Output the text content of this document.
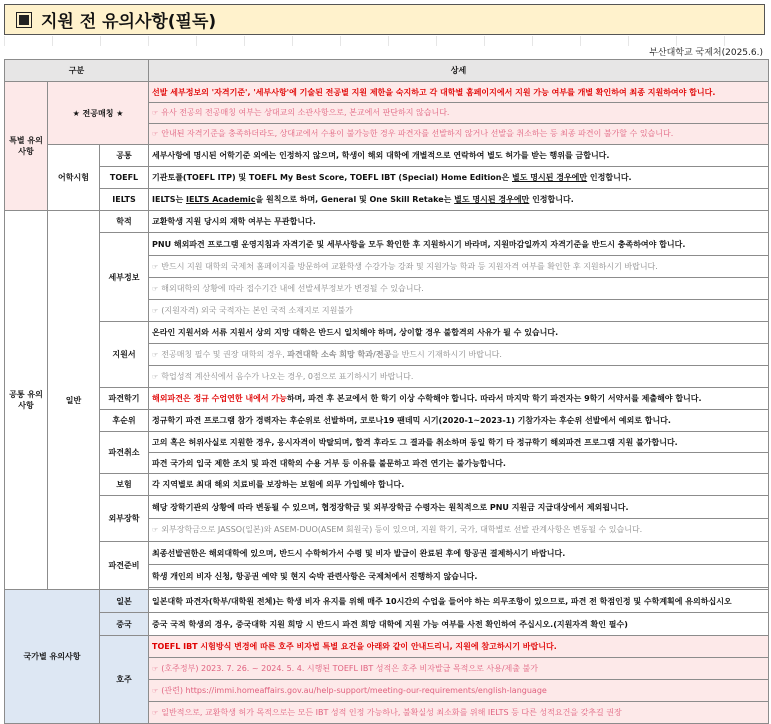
지원 전 유의사항(필독)
부산대학교 국제처(2025.6.)
구분			상세
특별 유의사항	★ 전공매칭 ★		선발 세부정보의 '자격기준', '세부사항'에 기술된 전공별 지원 제한을 숙지하고 각 대학별 홈페이지에서 지원 가능 여부를 개별 확인하여 최종 지원하여야 합니다.
			☞ 유사 전공의 전공매칭 여부는 상대교의 소관사항으로, 본교에서 판단하지 않습니다.
			☞ 안내된 자격기준을 충족하더라도, 상대교에서 수용이 불가능한 경우 파견자를 선발하지 않거나 선발을 취소하는 등 최종 파견이 불가할 수 있습니다.
	어학시험	공통	세부사항에 명시된 어학기준 외에는 인정하지 않으며, 학생이 해외 대학에 개별적으로 연락하여 별도 허가를 받는 행위를 금합니다.
		TOEFL	기관토플(TOEFL ITP) 및 TOEFL My Best Score, TOEFL IBT (Special) Home Edition은 별도 명시된 경우에만 인정합니다.
		IELTS	IELTS는 IELTS Academic을 원칙으로 하며, General 및 One Skill Retake는 별도 명시된 경우에만 인정합니다.
공통 유의사항	일반	학적	교환학생 지원 당시의 재학 여부는 무관합니다.
		세부정보	PNU 해외파견 프로그램 운영지침과 자격기준 및 세부사항을 모두 확인한 후 지원하시기 바라며, 지원마감일까지 자격기준을 반드시 충족하여야 합니다.
			☞ 반드시 지원 대학의 국제처 홈페이지를 방문하여 교환학생 수강가능 강좌 및 지원가능 학과 등 지원자격 여부를 확인한 후 지원하시기 바랍니다.
			☞ 해외대학의 상황에 따라 접수기간 내에 선발세부정보가 변경될 수 있습니다.
			☞ (지원자격) 외국 국적자는 본인 국적 소재지로 지원불가
		지원서	온라인 지원서와 서류 지원서 상의 지망 대학은 반드시 일치해야 하며, 상이할 경우 불합격의 사유가 될 수 있습니다.
			☞ 전공매칭 필수 및 권장 대학의 경우, 파견대학 소속 희망 학과/전공을 반드시 기재하시기 바랍니다.
			☞ 학업성적 계산식에서 음수가 나오는 경우, 0점으로 표기하시기 바랍니다.
		파견학기	해외파견은 정규 수업연한 내에서 가능하며, 파견 후 본교에서 한 학기 이상 수학해야 합니다. 따라서 마지막 학기 파견자는 9학기 서약서를 제출해야 합니다.
		후순위	정규학기 파견 프로그램 참가 경력자는 후순위로 선발하며, 코로나19 팬데믹 시기(2020-1~2023-1) 기참가자는 후순위 선발에서 예외로 합니다.
		파견취소	고의 혹은 허위사실로 지원한 경우, 응시자격이 박탈되며, 합격 후라도 그 결과를 취소하며 동일 학기 타 정규학기 해외파견 프로그램 지원 불가합니다.
			파견 국가의 입국 제한 조치 및 파견 대학의 수용 거부 등 이유를 불문하고 파견 연기는 불가능합니다.
		보험	각 지역별로 최대 해외 치료비를 보장하는 보험에 의무 가입해야 합니다.
		외부장학	해당 장학기관의 상황에 따라 변동될 수 있으며, 협정장학금 및 외부장학금 수령자는 원칙적으로 PNU 지원금 지급대상에서 제외됩니다.
			☞ 외부장학금으로 JASSO(일본)와 ASEM-DUO(ASEM 회원국) 등이 있으며, 지원 학기, 국가, 대학별로 선발 관계사항은 변동될 수 있습니다.
		파견준비	최종선발권한은 해외대학에 있으며, 반드시 수학허가서 수령 및 비자 발급이 완료된 후에 항공권 결제하시기 바랍니다.
			학생 개인의 비자 신청, 항공권 예약 및 현지 숙박 관련사항은 국제처에서 진행하지 않습니다.

국가별 유의사항		일본	일본대학 파견자(학부/대학원 전체)는 학생 비자 유지를 위해 매주 10시간의 수업을 들어야 하는 의무조항이 있으므로, 파견 전 학점인정 및 수학계획에 유의하십시오
		중국	중국 국적 학생의 경우, 중국대학 지원 희망 시 반드시 파견 희망 대학에 지원 가능 여부를 사전 확인하여 주십시오.(지원자격 확인 필수)
		호주	TOEFL IBT 시험방식 변경에 따른 호주 비자법 특별 요건을 아래와 같이 안내드리니, 지원에 참고하시기 바랍니다.
			☞ (호주정부) 2023. 7. 26. ~ 2024. 5. 4. 시행된 TOEFL IBT 성적은 호주 비자발급 목적으로 사용/제출 불가
			☞ (관련) https://immi.homeaffairs.gov.au/help-support/meeting-our-requirements/english-language
			☞ 일반적으로, 교환학생 허가 목적으로는 모든 IBT 성적 인정 가능하나, 불확실성 최소화를 위해 IELTS 등 다른 성적요건을 갖추길 권장
